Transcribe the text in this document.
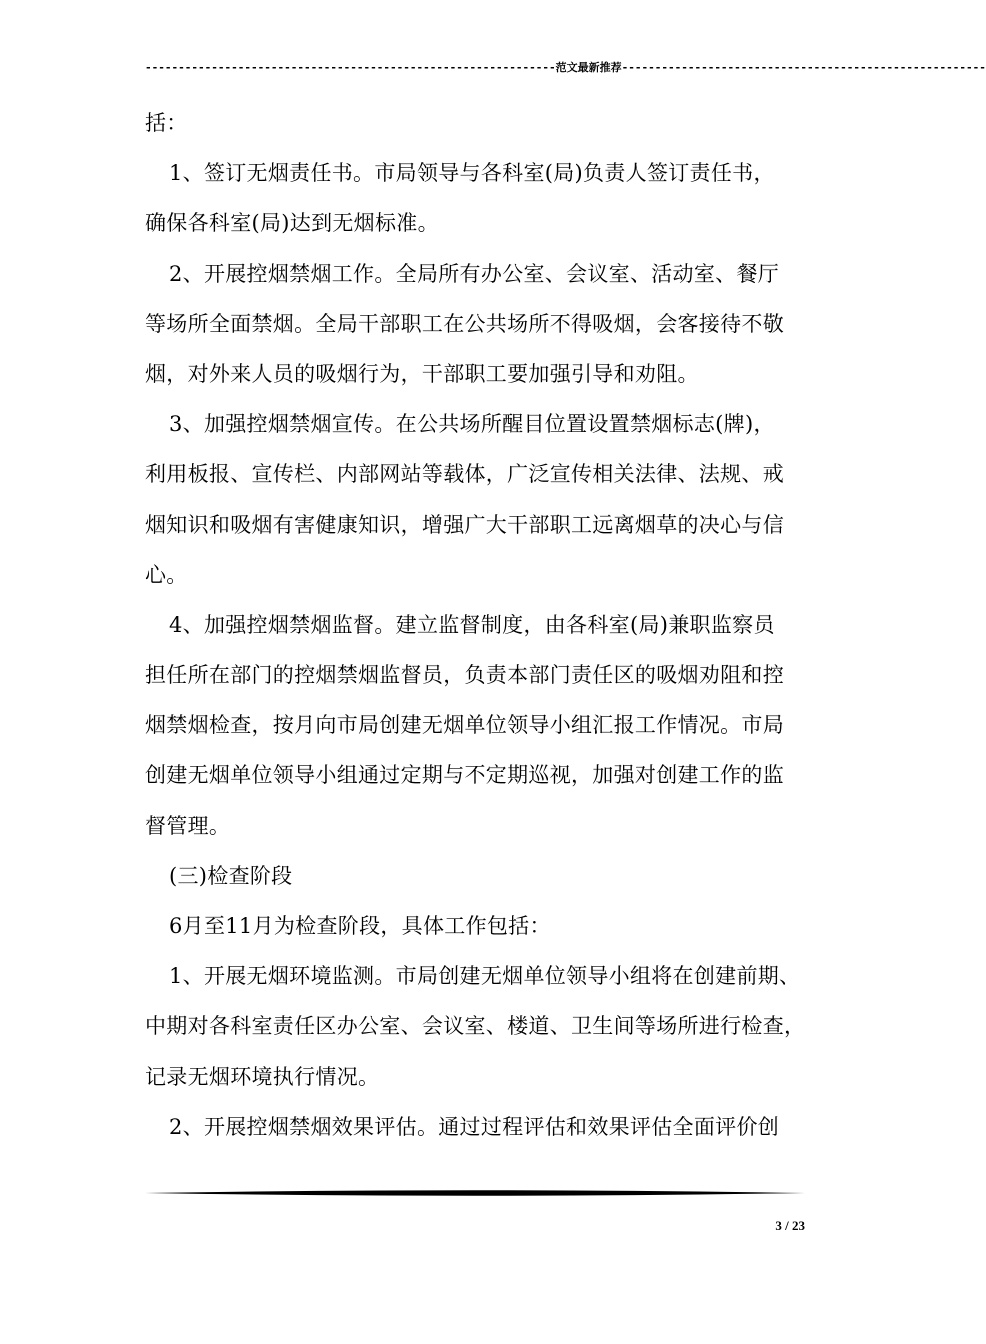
--------------------------------------------------------------范文最新推荐-------------------------------------------------------
括：
1、签订无烟责任书。市局领导与各科室(局)负责人签订责任书，
确保各科室(局)达到无烟标准。
2、开展控烟禁烟工作。全局所有办公室、会议室、活动室、餐厅
等场所全面禁烟。全局干部职工在公共场所不得吸烟，会客接待不敬
烟，对外来人员的吸烟行为，干部职工要加强引导和劝阻。
3、加强控烟禁烟宣传。在公共场所醒目位置设置禁烟标志(牌)，
利用板报、宣传栏、内部网站等载体，广泛宣传相关法律、法规、戒
烟知识和吸烟有害健康知识，增强广大干部职工远离烟草的决心与信
心。
4、加强控烟禁烟监督。建立监督制度，由各科室(局)兼职监察员
担任所在部门的控烟禁烟监督员，负责本部门责任区的吸烟劝阻和控
烟禁烟检查，按月向市局创建无烟单位领导小组汇报工作情况。市局
创建无烟单位领导小组通过定期与不定期巡视，加强对创建工作的监
督管理。
(三)检查阶段
6月至11月为检查阶段，具体工作包括：
1、开展无烟环境监测。市局创建无烟单位领导小组将在创建前期、
中期对各科室责任区办公室、会议室、楼道、卫生间等场所进行检查，
记录无烟环境执行情况。
2、开展控烟禁烟效果评估。通过过程评估和效果评估全面评价创
3 / 23
